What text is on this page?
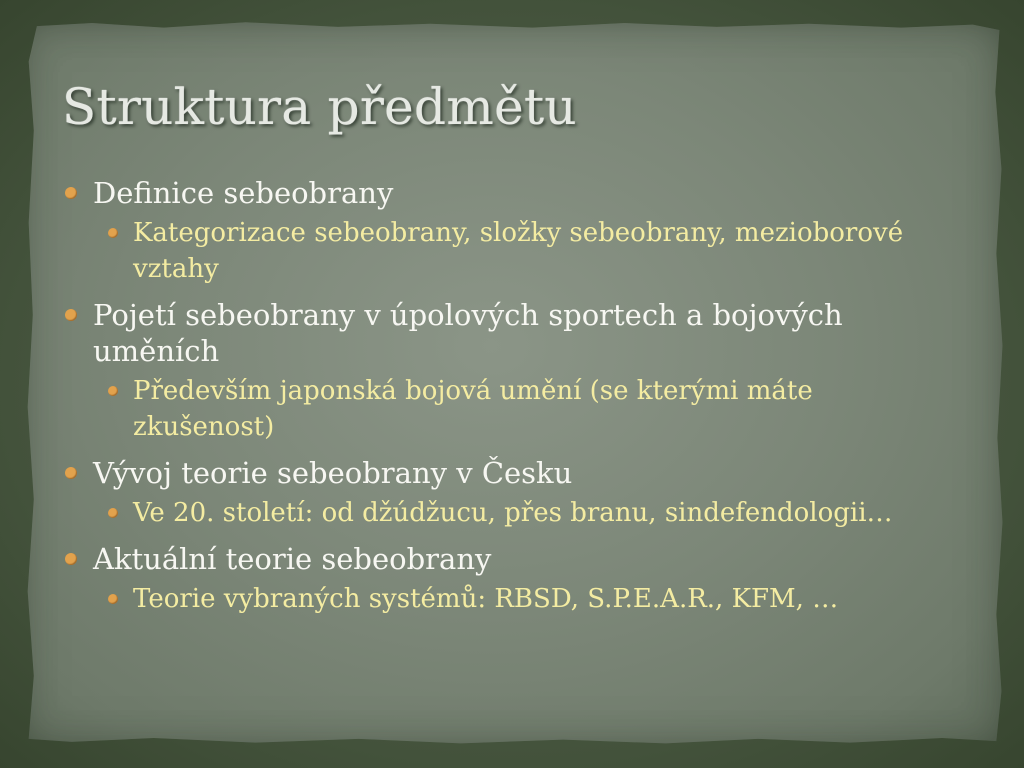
Struktura předmětu
Definice sebeobrany
Kategorizace sebeobrany, složky sebeobrany, mezioborové vztahy
Pojetí sebeobrany v úpolových sportech a bojových uměních
Především japonská bojová umění (se kterými máte zkušenost)
Vývoj teorie sebeobrany v Česku
Ve 20. století: od džúdžucu, přes branu, sindefendologii…
Aktuální teorie sebeobrany
Teorie vybraných systémů: RBSD, S.P.E.A.R., KFM, …
